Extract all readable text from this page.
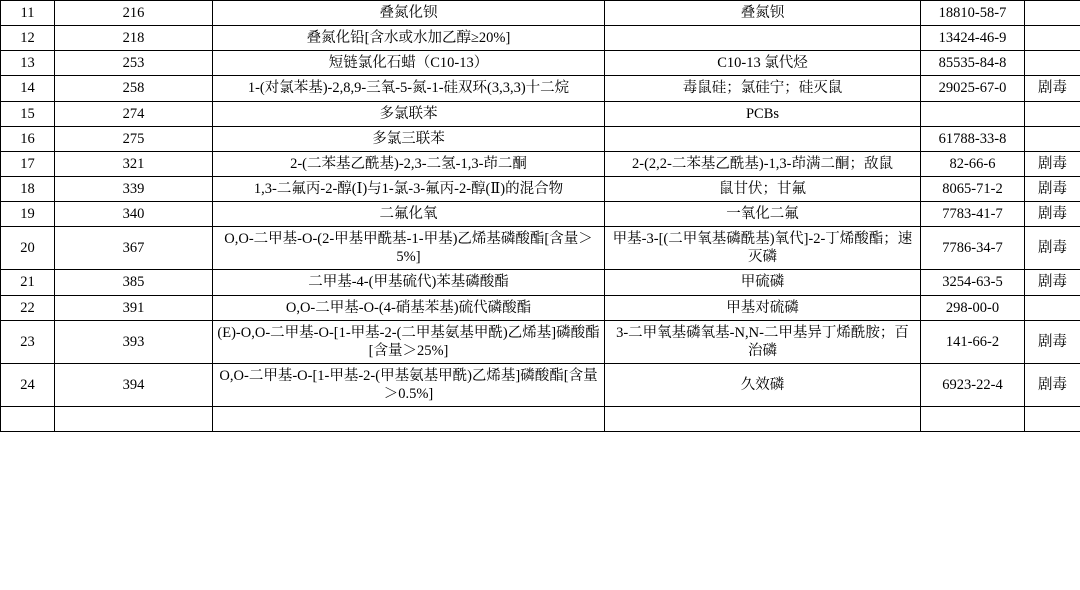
11	216	叠氮化钡	叠氮钡	18810-58-7	
12	218	叠氮化铅[含水或水加乙醇≥20%]		13424-46-9	
13	253	短链氯化石蜡（C10-13）	C10-13 氯代烃	85535-84-8	
14	258	1-(对氯苯基)-2,8,9-三氧-5-氮-1-硅双环(3,3,3)十二烷	毒鼠硅；氯硅宁；硅灭鼠	29025-67-0	剧毒
15	274	多氯联苯	PCBs		
16	275	多氯三联苯		61788-33-8	
17	321	2-(二苯基乙酰基)-2,3-二氢-1,3-茚二酮	2-(2,2-二苯基乙酰基)-1,3-茚满二酮；敌鼠	82-66-6	剧毒
18	339	1,3-二氟丙-2-醇(Ⅰ)与1-氯-3-氟丙-2-醇(Ⅱ)的混合物	鼠甘伏；甘氟	8065-71-2	剧毒
19	340	二氟化氧	一氧化二氟	7783-41-7	剧毒
20	367	O,O-二甲基-O-(2-甲基甲酰基-1-甲基)乙烯基磷酸酯[含量＞5%]	甲基-3-[(二甲氧基磷酰基)氧代]-2-丁烯酸酯；速灭磷	7786-34-7	剧毒
21	385	二甲基-4-(甲基硫代)苯基磷酸酯	甲硫磷	3254-63-5	剧毒
22	391	O,O-二甲基-O-(4-硝基苯基)硫代磷酸酯	甲基对硫磷	298-00-0	
23	393	(E)-O,O-二甲基-O-[1-甲基-2-(二甲基氨基甲酰)乙烯基]磷酸酯[含量＞25%]	3-二甲氧基磷氧基-N,N-二甲基异丁烯酰胺；百治磷	141-66-2	剧毒
24	394	O,O-二甲基-O-[1-甲基-2-(甲基氨基甲酰)乙烯基]磷酸酯[含量＞0.5%]	久效磷	6923-22-4	剧毒
